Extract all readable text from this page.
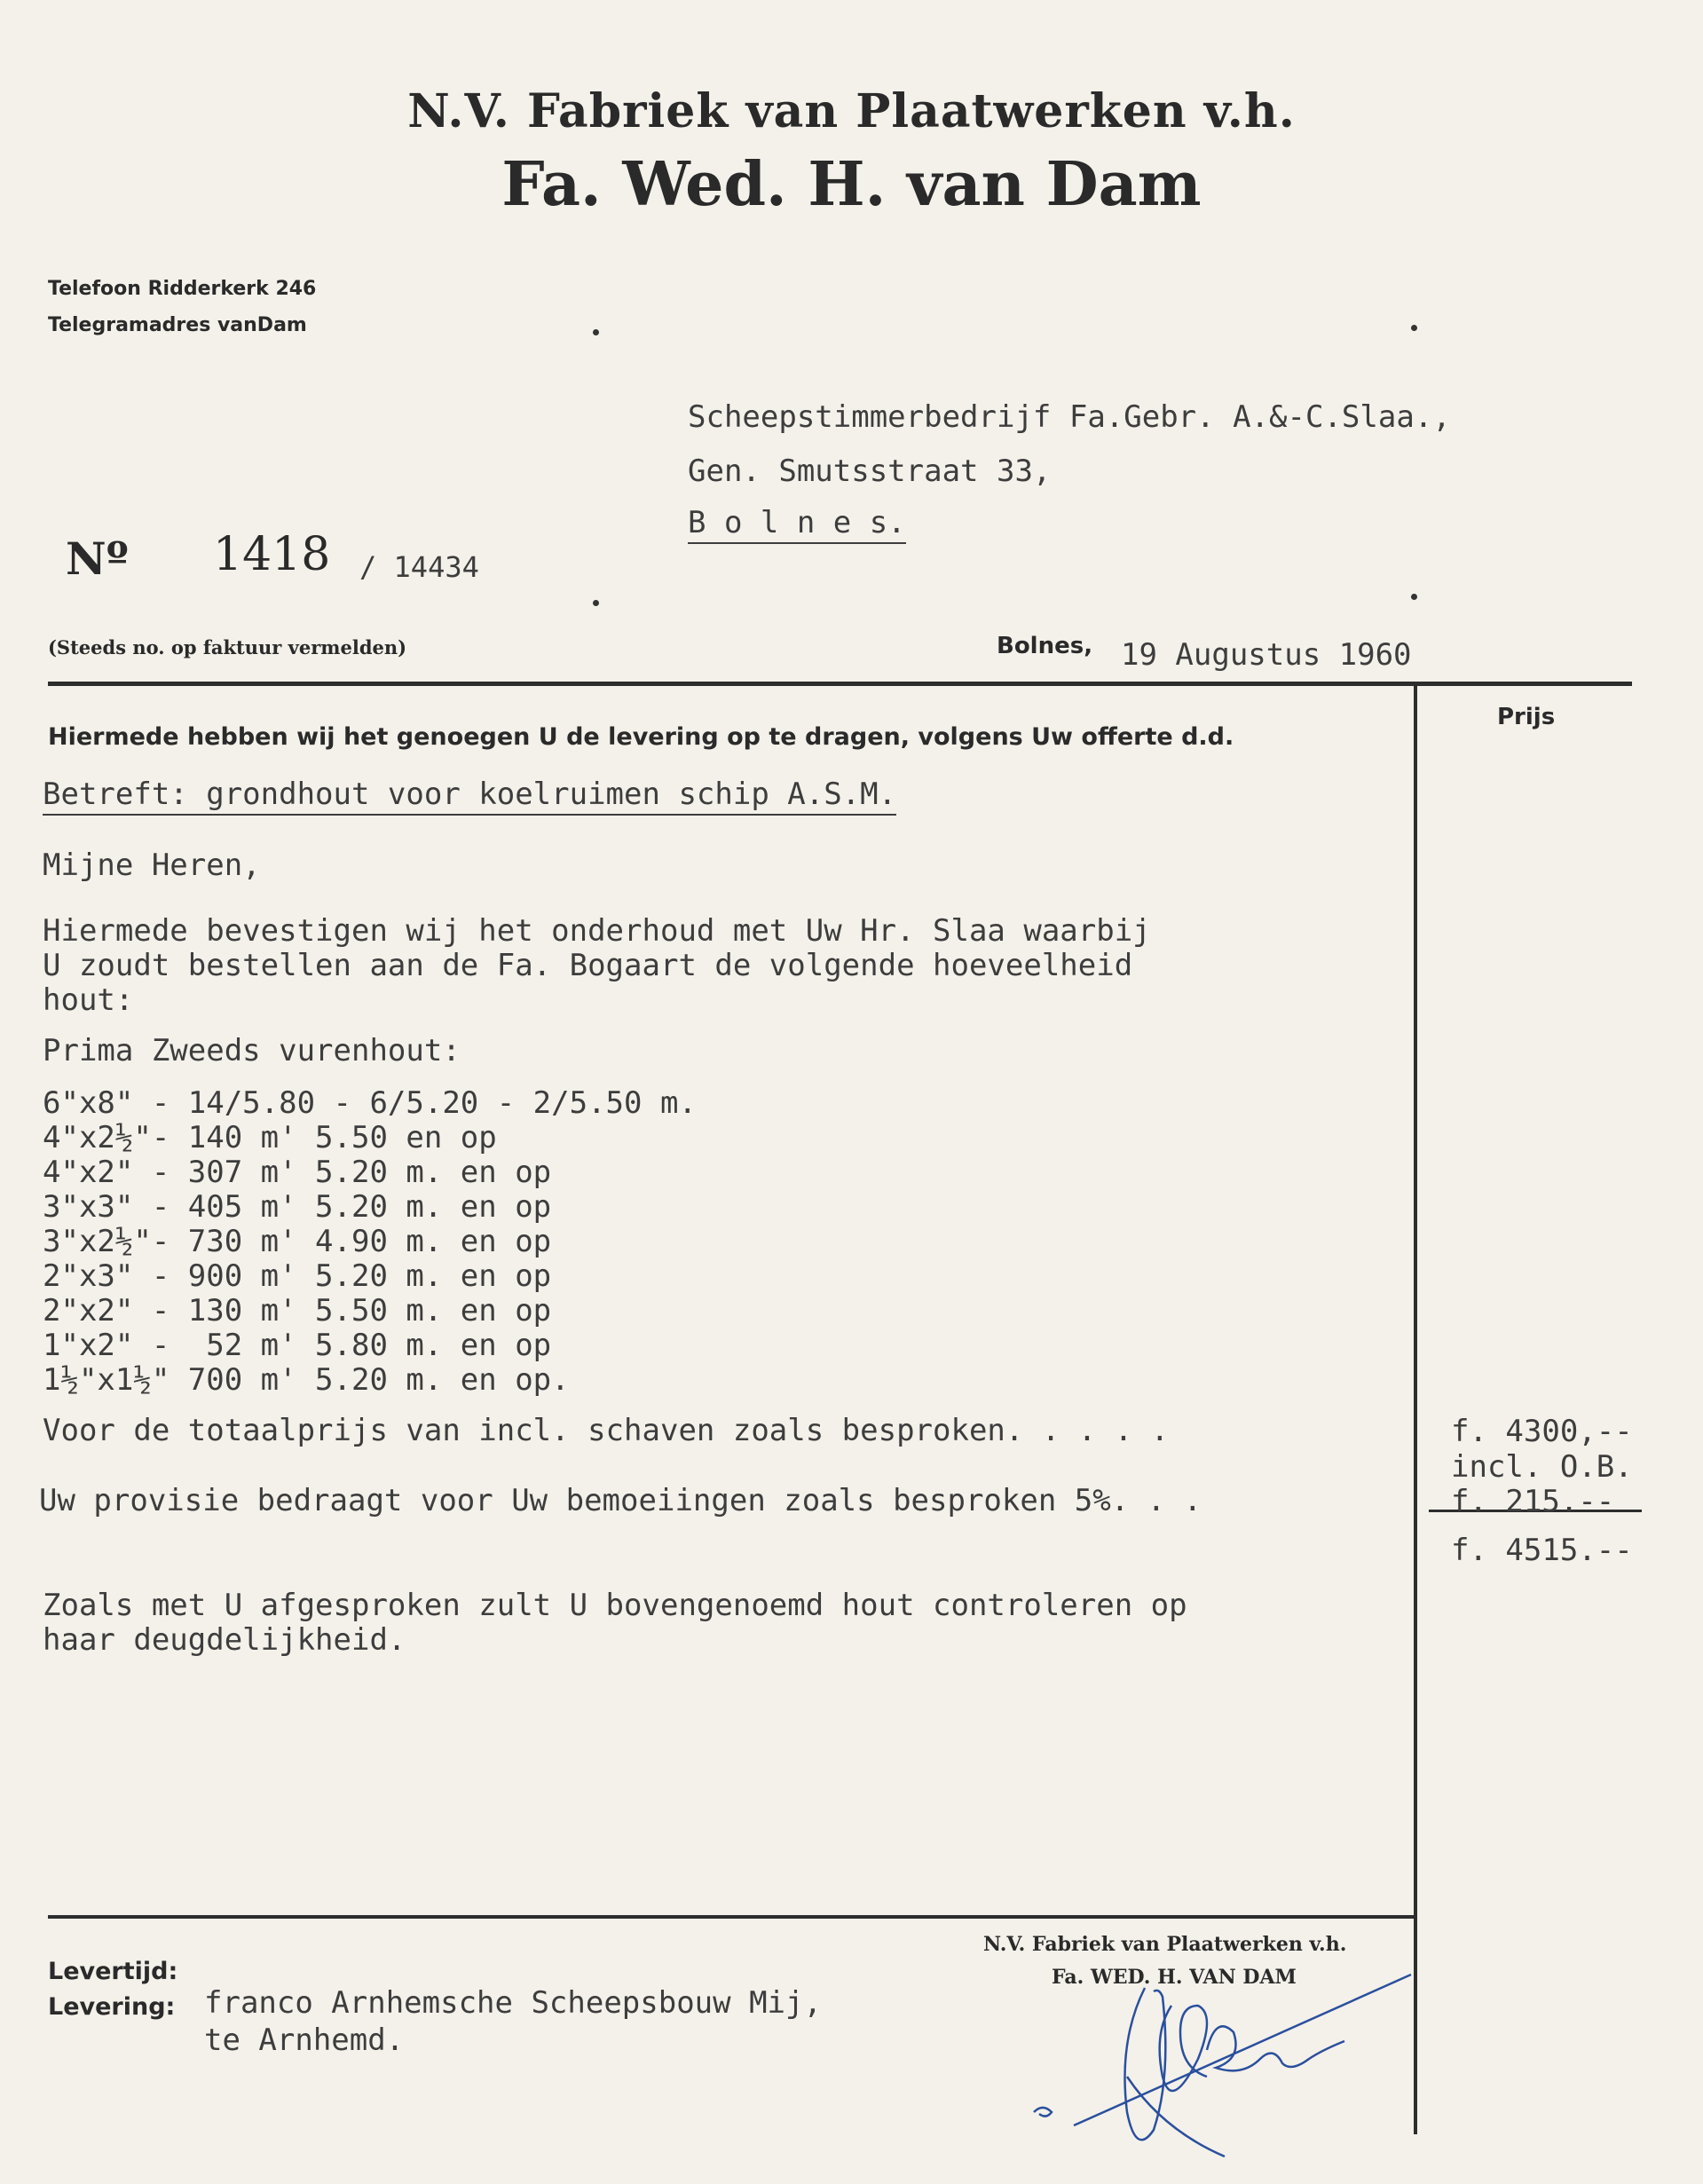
N.V. Fabriek van Plaatwerken v.h.
Fa. Wed. H. van Dam
Telefoon Ridderkerk 246
Telegramadres vanDam
Scheepstimmerbedrijf Fa.Gebr. A.&-C.Slaa.,
Gen. Smutsstraat 33,
B o l n e s.
Nº 1418 / 14434
(Steeds no. op faktuur vermelden)	Bolnes, 19 Augustus 1960
Prijs
Hiermede hebben wij het genoegen U de levering op te dragen, volgens Uw offerte d.d.
Betreft: grondhout voor koelruimen schip A.S.M.
Mijne Heren,
Hiermede bevestigen wij het onderhoud met Uw Hr. Slaa waarbij
U zoudt bestellen aan de Fa. Bogaart de volgende hoeveelheid
hout:
Prima Zweeds vurenhout:
6"x8" - 14/5.80 - 6/5.20 - 2/5.50 m.
4"x2½"- 140 m' 5.50 en op
4"x2" - 307 m' 5.20 m. en op
3"x3" - 405 m' 5.20 m. en op
3"x2½"- 730 m' 4.90 m. en op
2"x3" - 900 m' 5.20 m. en op
2"x2" - 130 m' 5.50 m. en op
1"x2" -  52 m' 5.80 m. en op
1½"x1½" 700 m' 5.20 m. en op.
Voor de totaalprijs van incl. schaven zoals besproken. . . . .
Uw provisie bedraagt voor Uw bemoeiingen zoals besproken 5%. . .
Zoals met U afgesproken zult U bovengenoemd hout controleren op
haar deugdelijkheid.
f. 4300,--
incl. O.B.
f. 215.--
f. 4515.--
Levertijd:
Levering: franco Arnhemsche Scheepsbouw Mij,
te Arnhemd.
N.V. Fabriek van Plaatwerken v.h.
Fa. WED. H. VAN DAM
